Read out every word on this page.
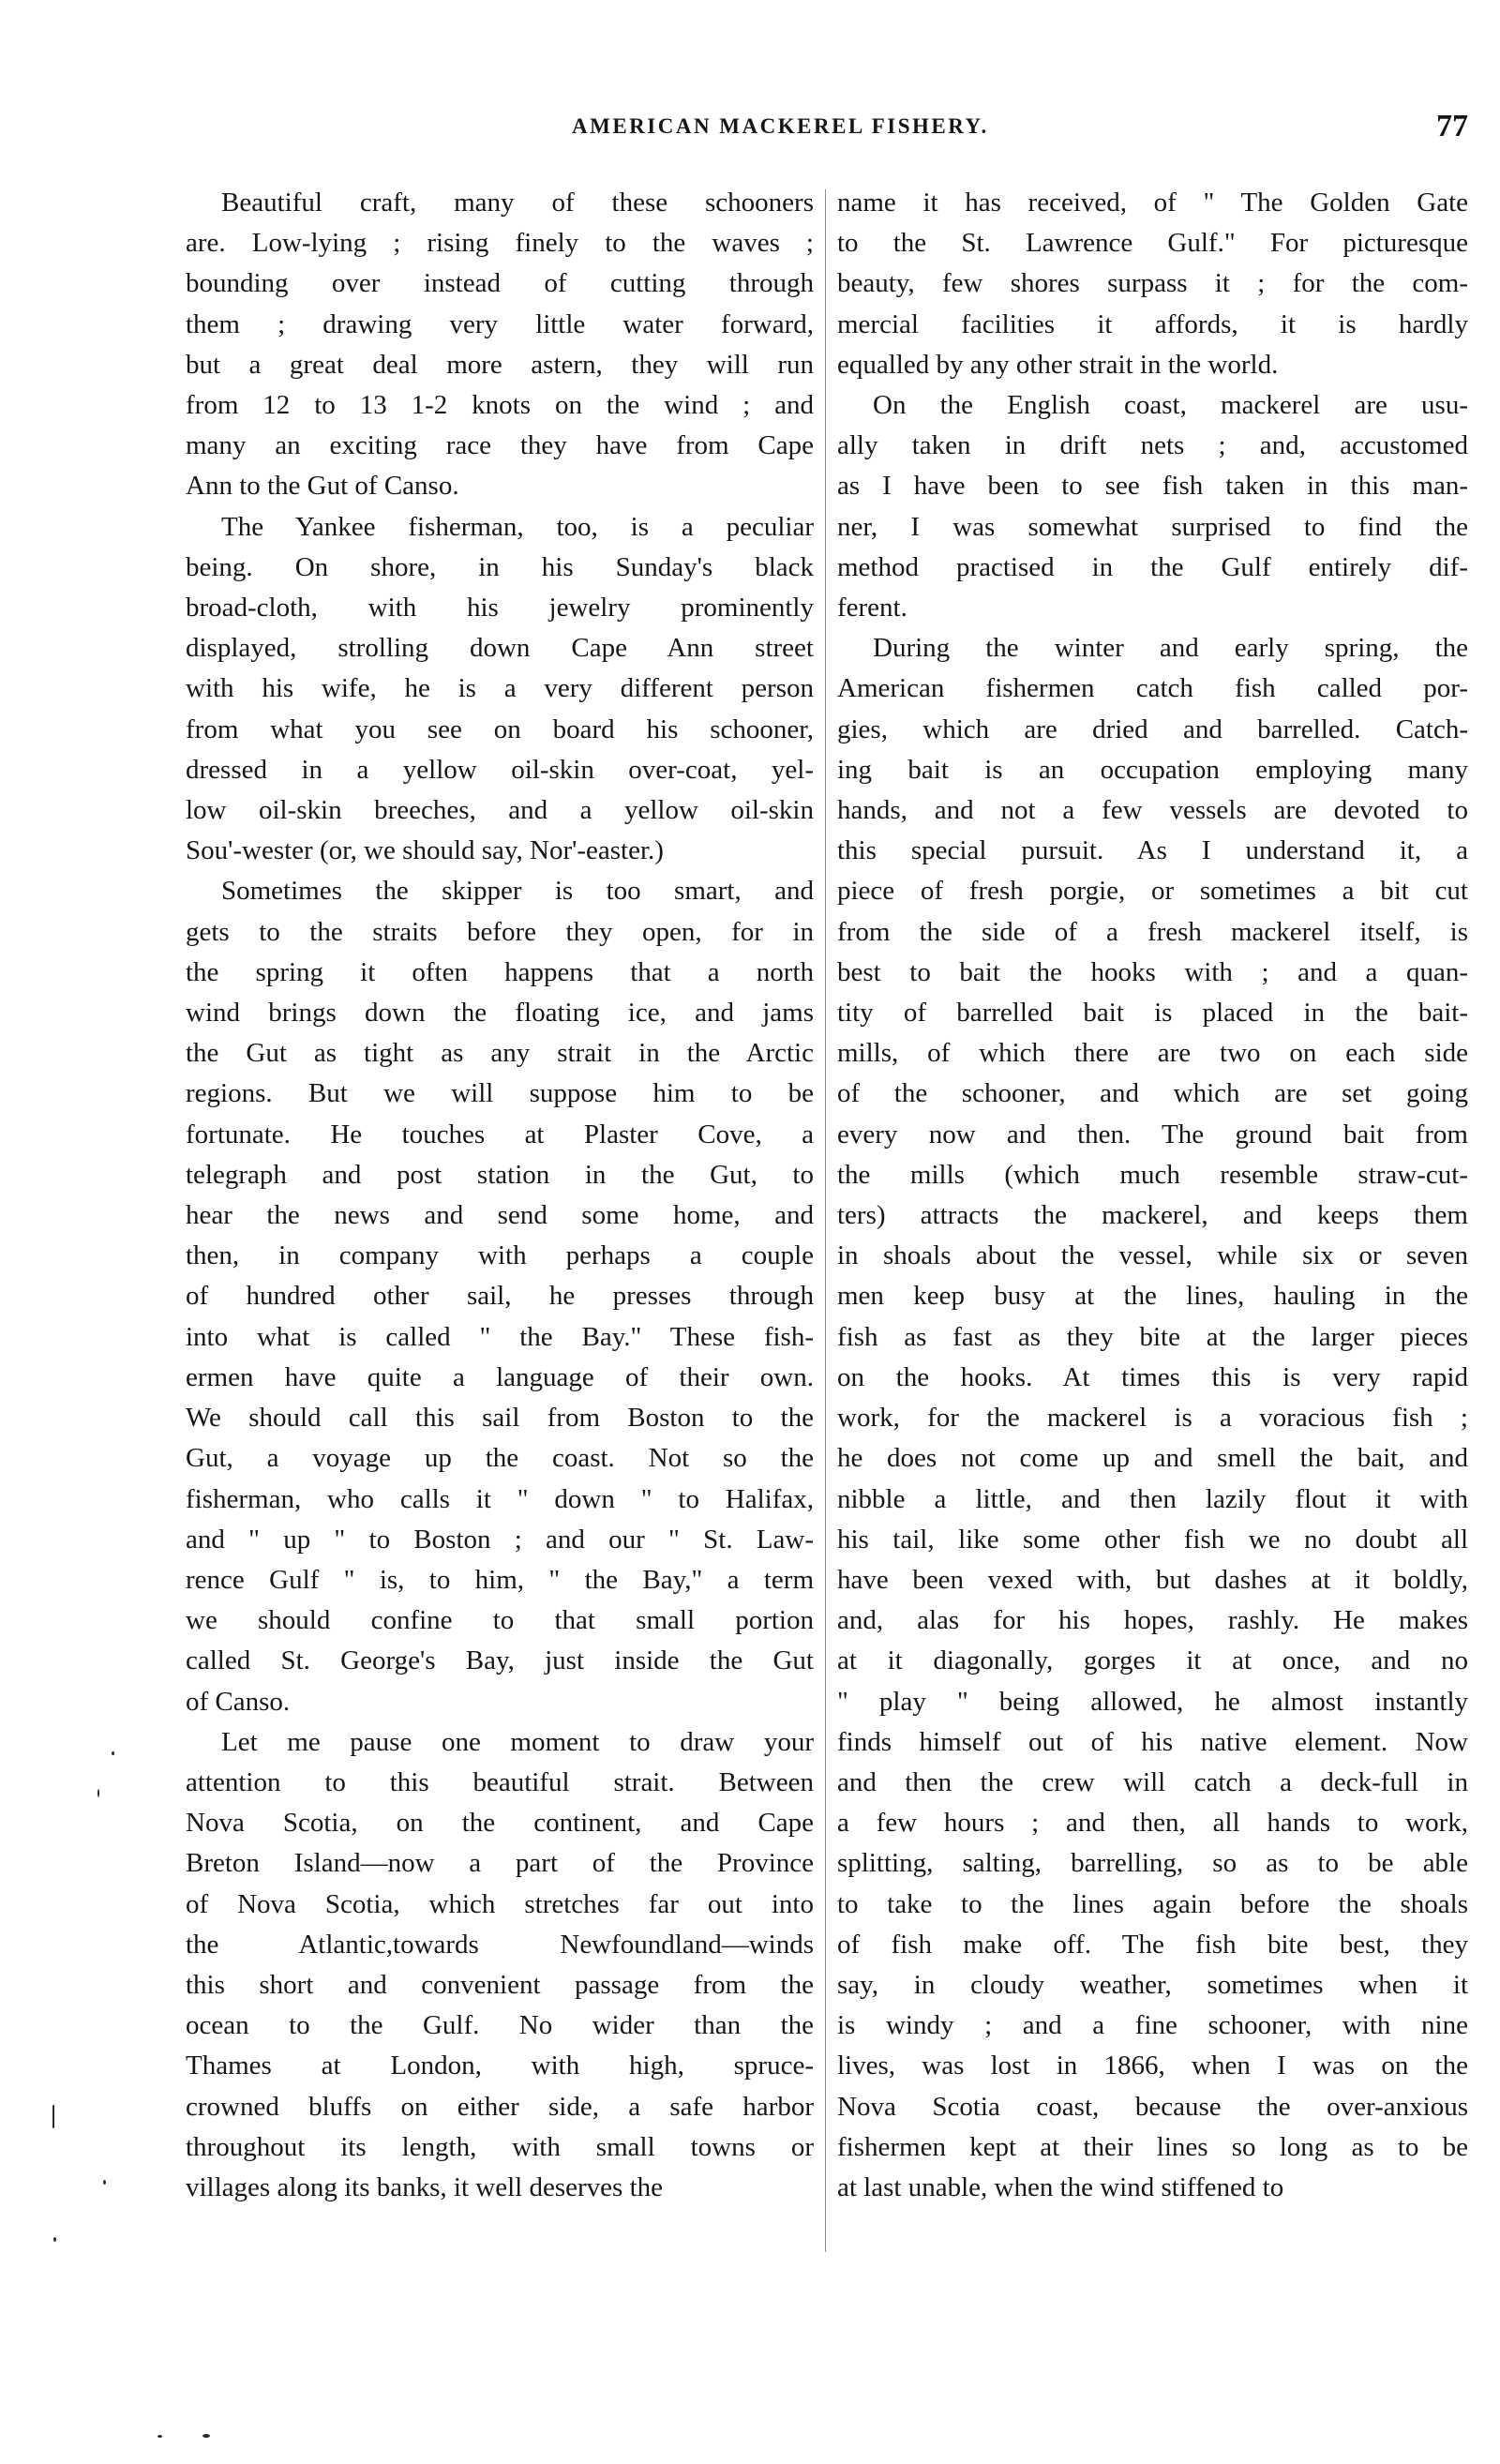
AMERICAN MACKEREL FISHERY.	77

Beautiful craft, many of these schooners
are. Low-lying ; rising finely to the waves ;
bounding over instead of cutting through
them ; drawing very little water forward,
but a great deal more astern, they will run
from 12 to 13 1-2 knots on the wind ; and
many an exciting race they have from Cape
Ann to the Gut of Canso.

The Yankee fisherman, too, is a peculiar
being. On shore, in his Sunday's black
broad-cloth, with his jewelry prominently
displayed, strolling down Cape Ann street
with his wife, he is a very different person
from what you see on board his schooner,
dressed in a yellow oil-skin over-coat, yel-
low oil-skin breeches, and a yellow oil-skin
Sou'-wester (or, we should say, Nor'-easter.)

Sometimes the skipper is too smart, and
gets to the straits before they open, for in
the spring it often happens that a north
wind brings down the floating ice, and jams
the Gut as tight as any strait in the Arctic
regions. But we will suppose him to be
fortunate. He touches at Plaster Cove, a
telegraph and post station in the Gut, to
hear the news and send some home, and
then, in company with perhaps a couple
of hundred other sail, he presses through
into what is called " the Bay." These fish-
ermen have quite a language of their own.
We should call this sail from Boston to the
Gut, a voyage up the coast. Not so the
fisherman, who calls it " down " to Halifax,
and " up " to Boston ; and our " St. Law-
rence Gulf " is, to him, " the Bay," a term
we should confine to that small portion
called St. George's Bay, just inside the Gut
of Canso.

Let me pause one moment to draw your
attention to this beautiful strait. Between
Nova Scotia, on the continent, and Cape
Breton Island—now a part of the Province
of Nova Scotia, which stretches far out into
the Atlantic,towards Newfoundland—winds
this short and convenient passage from the
ocean to the Gulf. No wider than the
Thames at London, with high, spruce-
crowned bluffs on either side, a safe harbor
throughout its length, with small towns or
villages along its banks, it well deserves the

name it has received, of " The Golden Gate
to the St. Lawrence Gulf." For picturesque
beauty, few shores surpass it ; for the com-
mercial facilities it affords, it is hardly
equalled by any other strait in the world.

On the English coast, mackerel are usu-
ally taken in drift nets ; and, accustomed
as I have been to see fish taken in this man-
ner, I was somewhat surprised to find the
method practised in the Gulf entirely dif-
ferent.

During the winter and early spring, the
American fishermen catch fish called por-
gies, which are dried and barrelled. Catch-
ing bait is an occupation employing many
hands, and not a few vessels are devoted to
this special pursuit. As I understand it, a
piece of fresh porgie, or sometimes a bit cut
from the side of a fresh mackerel itself, is
best to bait the hooks with ; and a quan-
tity of barrelled bait is placed in the bait-
mills, of which there are two on each side
of the schooner, and which are set going
every now and then. The ground bait from
the mills (which much resemble straw-cut-
ters) attracts the mackerel, and keeps them
in shoals about the vessel, while six or seven
men keep busy at the lines, hauling in the
fish as fast as they bite at the larger pieces
on the hooks. At times this is very rapid
work, for the mackerel is a voracious fish ;
he does not come up and smell the bait, and
nibble a little, and then lazily flout it with
his tail, like some other fish we no doubt all
have been vexed with, but dashes at it boldly,
and, alas for his hopes, rashly. He makes
at it diagonally, gorges it at once, and no
" play " being allowed, he almost instantly
finds himself out of his native element. Now
and then the crew will catch a deck-full in
a few hours ; and then, all hands to work,
splitting, salting, barrelling, so as to be able
to take to the lines again before the shoals
of fish make off. The fish bite best, they
say, in cloudy weather, sometimes when it
is windy ; and a fine schooner, with nine
lives, was lost in 1866, when I was on the
Nova Scotia coast, because the over-anxious
fishermen kept at their lines so long as to be
at last unable, when the wind stiffened to
